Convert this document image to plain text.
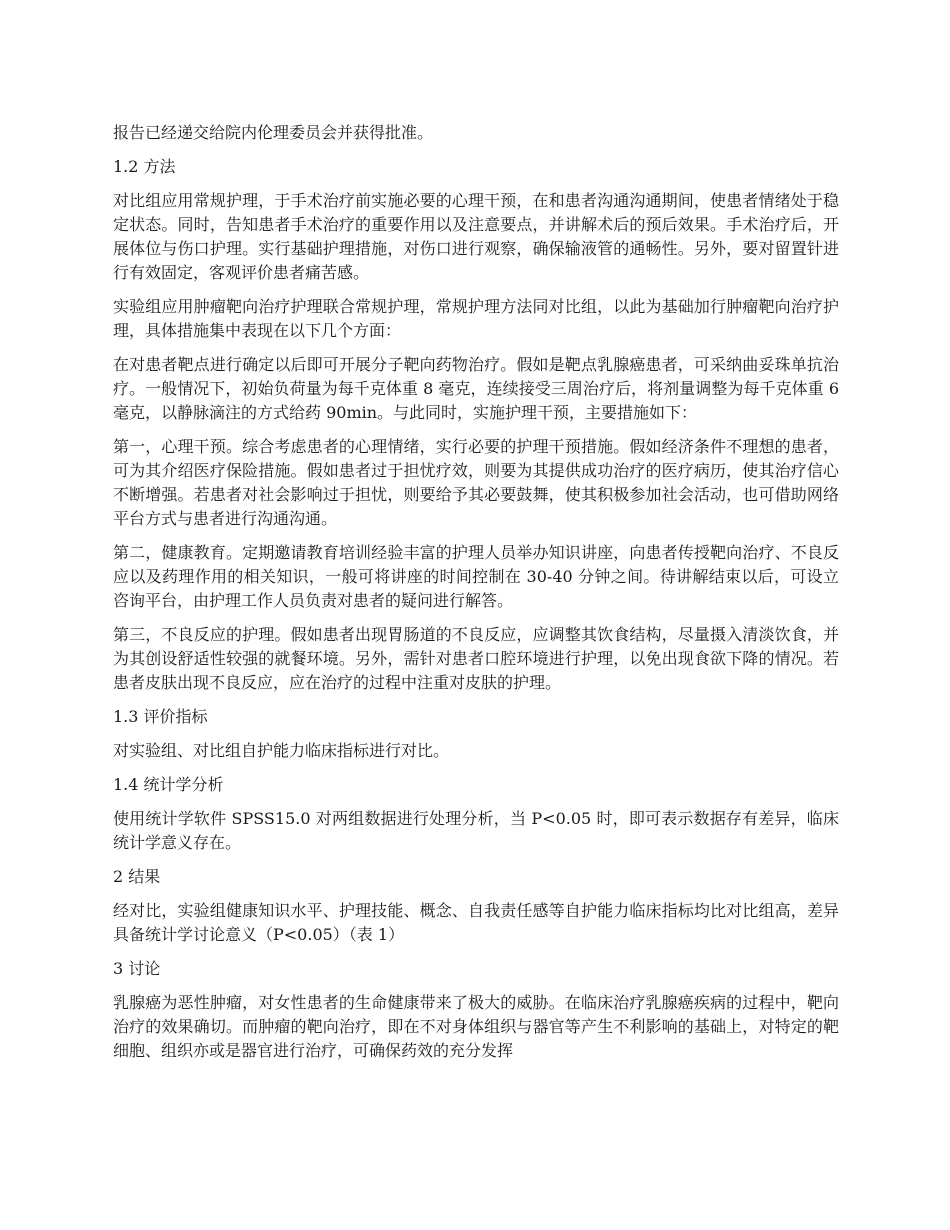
报告已经递交给院内伦理委员会并获得批准。

1.2 方法

对比组应用常规护理，于手术治疗前实施必要的心理干预，在和患者沟通沟通期间，使患者情绪处于稳定状态。同时，告知患者手术治疗的重要作用以及注意要点，并讲解术后的预后效果。手术治疗后，开展体位与伤口护理。实行基础护理措施，对伤口进行观察，确保输液管的通畅性。另外，要对留置针进行有效固定，客观评价患者痛苦感。

实验组应用肿瘤靶向治疗护理联合常规护理，常规护理方法同对比组，以此为基础加行肿瘤靶向治疗护理，具体措施集中表现在以下几个方面：

在对患者靶点进行确定以后即可开展分子靶向药物治疗。假如是靶点乳腺癌患者，可采纳曲妥珠单抗治疗。一般情况下，初始负荷量为每千克体重 8 毫克，连续接受三周治疗后，将剂量调整为每千克体重 6 毫克，以静脉滴注的方式给药 90min。与此同时，实施护理干预，主要措施如下：

第一，心理干预。综合考虑患者的心理情绪，实行必要的护理干预措施。假如经济条件不理想的患者，可为其介绍医疗保险措施。假如患者过于担忧疗效，则要为其提供成功治疗的医疗病历，使其治疗信心不断增强。若患者对社会影响过于担忧，则要给予其必要鼓舞，使其积极参加社会活动，也可借助网络平台方式与患者进行沟通沟通。

第二，健康教育。定期邀请教育培训经验丰富的护理人员举办知识讲座，向患者传授靶向治疗、不良反应以及药理作用的相关知识，一般可将讲座的时间控制在 30-40 分钟之间。待讲解结束以后，可设立咨询平台，由护理工作人员负责对患者的疑问进行解答。

第三，不良反应的护理。假如患者出现胃肠道的不良反应，应调整其饮食结构，尽量摄入清淡饮食，并为其创设舒适性较强的就餐环境。另外，需针对患者口腔环境进行护理，以免出现食欲下降的情况。若患者皮肤出现不良反应，应在治疗的过程中注重对皮肤的护理。

1.3 评价指标

对实验组、对比组自护能力临床指标进行对比。

1.4 统计学分析

使用统计学软件 SPSS15.0 对两组数据进行处理分析，当 P<0.05 时，即可表示数据存有差异，临床统计学意义存在。

2 结果

经对比，实验组健康知识水平、护理技能、概念、自我责任感等自护能力临床指标均比对比组高，差异具备统计学讨论意义（P<0.05）（表 1）

3 讨论

乳腺癌为恶性肿瘤，对女性患者的生命健康带来了极大的威胁。在临床治疗乳腺癌疾病的过程中，靶向治疗的效果确切。而肿瘤的靶向治疗，即在不对身体组织与器官等产生不利影响的基础上，对特定的靶细胞、组织亦或是器官进行治疗，可确保药效的充分发挥
